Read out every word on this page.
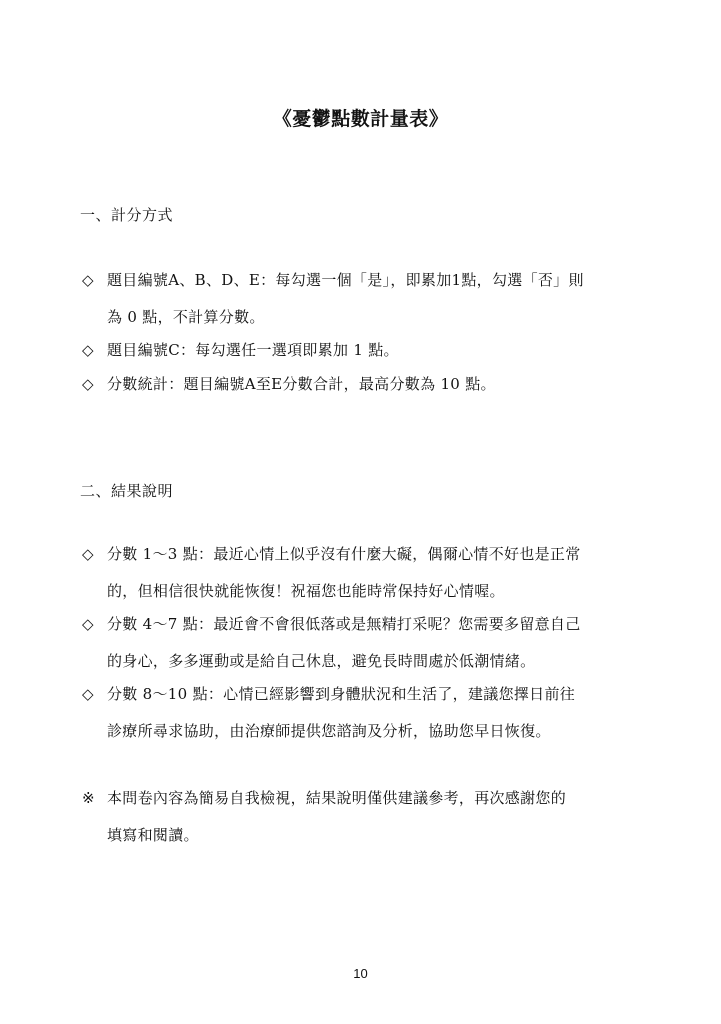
《憂鬱點數計量表》
一、計分方式
◇ 題目編號A、B、D、E：每勾選一個「是」，即累加1點，勾選「否」則
為 0 點，不計算分數。
◇ 題目編號C：每勾選任一選項即累加 1 點。
◇ 分數統計：題目編號A至E分數合計，最高分數為 10 點。
二、結果說明
◇ 分數 1～3 點：最近心情上似乎沒有什麼大礙，偶爾心情不好也是正常
的，但相信很快就能恢復！祝福您也能時常保持好心情喔。
◇ 分數 4～7 點：最近會不會很低落或是無精打采呢？您需要多留意自己
的身心，多多運動或是給自己休息，避免長時間處於低潮情緒。
◇ 分數 8～10 點：心情已經影響到身體狀況和生活了，建議您擇日前往
診療所尋求協助，由治療師提供您諮詢及分析，協助您早日恢復。
※ 本問卷內容為簡易自我檢視，結果說明僅供建議參考，再次感謝您的
填寫和閱讀。
10
